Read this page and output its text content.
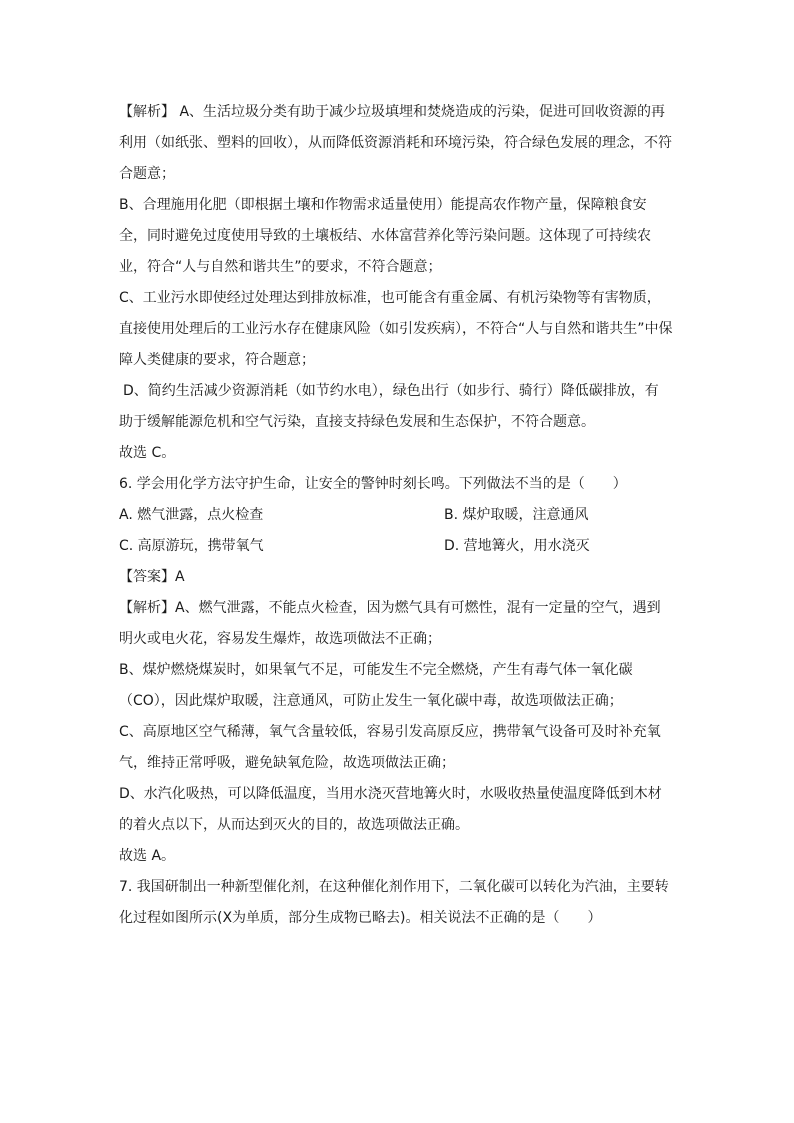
【解析】 A、生活垃圾分类有助于减少垃圾填埋和焚烧造成的污染，促进可回收资源的再
利用（如纸张、塑料的回收），从而降低资源消耗和环境污染，符合绿色发展的理念，不符
合题意；
B、合理施用化肥（即根据土壤和作物需求适量使用）能提高农作物产量，保障粮食安
全，同时避免过度使用导致的土壤板结、水体富营养化等污染问题。这体现了可持续农
业，符合“人与自然和谐共生”的要求，不符合题意；
C、工业污水即使经过处理达到排放标准，也可能含有重金属、有机污染物等有害物质，
直接使用处理后的工业污水存在健康风险（如引发疾病），不符合“人与自然和谐共生”中保
障人类健康的要求，符合题意；
D、简约生活减少资源消耗（如节约水电），绿色出行（如步行、骑行）降低碳排放，有
助于缓解能源危机和空气污染，直接支持绿色发展和生态保护，不符合题意。
故选 C。
6. 学会用化学方法守护生命，让安全的警钟时刻长鸣。下列做法不当的是（　　）
A. 燃气泄露，点火检查	B. 煤炉取暖，注意通风
C. 高原游玩，携带氧气	D. 营地篝火，用水浇灭
【答案】A
【解析】A、燃气泄露，不能点火检查，因为燃气具有可燃性，混有一定量的空气，遇到
明火或电火花，容易发生爆炸，故选项做法不正确；
B、煤炉燃烧煤炭时，如果氧气不足，可能发生不完全燃烧，产生有毒气体一氧化碳
（CO），因此煤炉取暖，注意通风，可防止发生一氧化碳中毒，故选项做法正确；
C、高原地区空气稀薄，氧气含量较低，容易引发高原反应，携带氧气设备可及时补充氧
气，维持正常呼吸，避免缺氧危险，故选项做法正确；
D、水汽化吸热，可以降低温度，当用水浇灭营地篝火时，水吸收热量使温度降低到木材
的着火点以下，从而达到灭火的目的，故选项做法正确。
故选 A。
7. 我国研制出一种新型催化剂，在这种催化剂作用下，二氧化碳可以转化为汽油，主要转
化过程如图所示(X为单质，部分生成物已略去)。相关说法不正确的是（　　）
